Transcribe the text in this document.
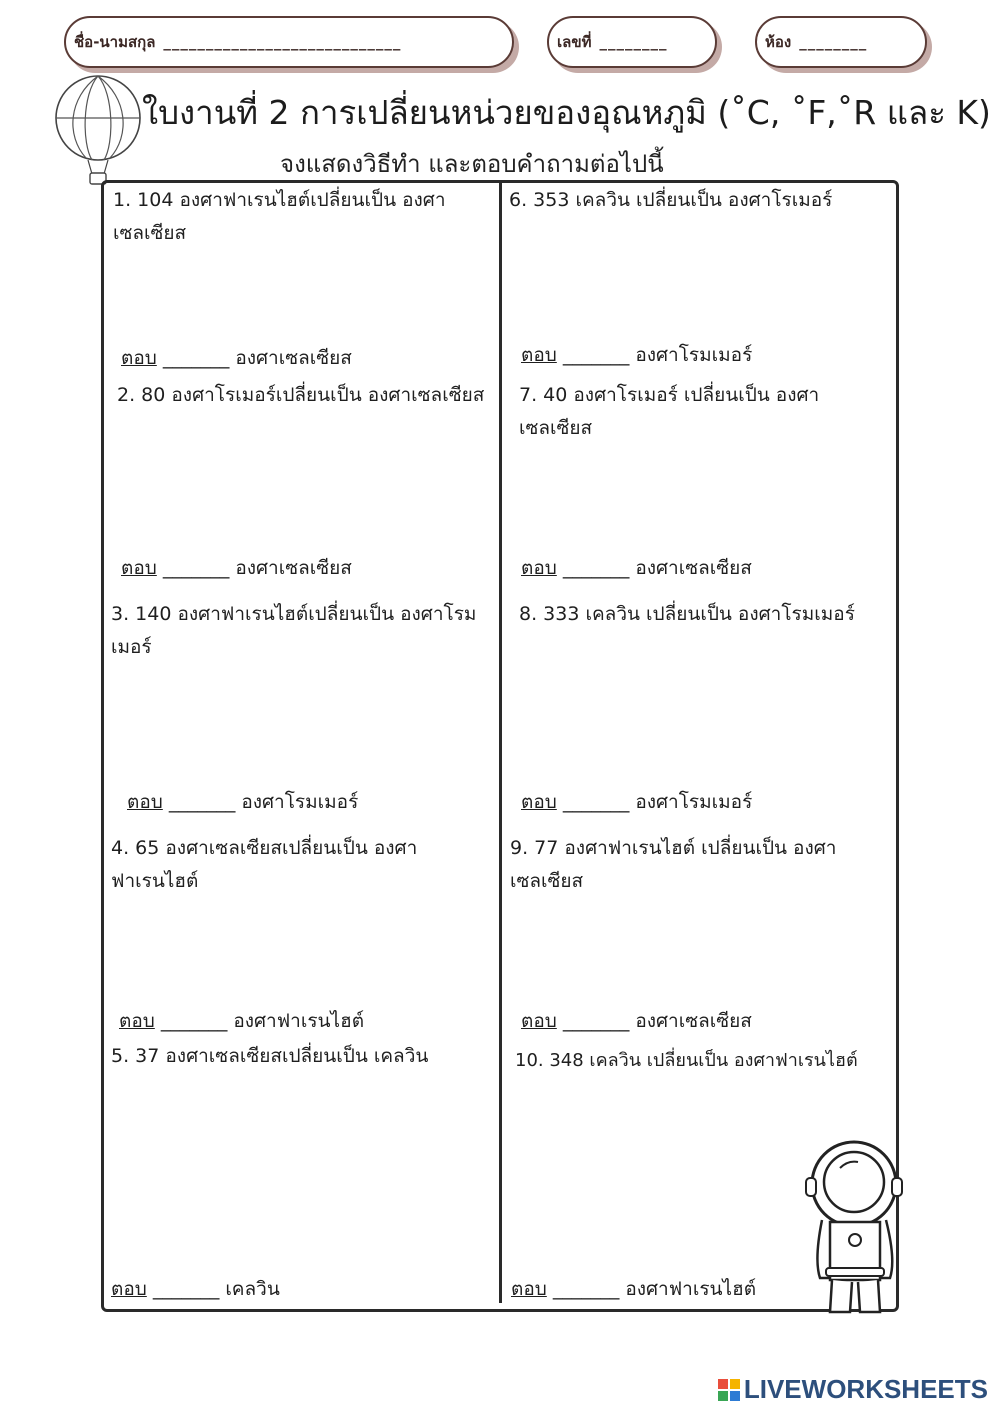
ชื่อ-นามสกุล ____________________________	เลขที่ ________	ห้อง ________
ใบงานที่ 2 การเปลี่ยนหน่วยของอุณหภูมิ (˚C, ˚F,˚R และ K)
จงแสดงวิธีทำ และตอบคำถามต่อไปนี้
1. 104 องศาฟาเรนไฮต์เปลี่ยนเป็น องศาเซลเซียส
ตอบ _______ องศาเซลเซียส
2. 80 องศาโรเมอร์เปลี่ยนเป็น องศาเซลเซียส
ตอบ _______ องศาเซลเซียส
3. 140 องศาฟาเรนไฮต์เปลี่ยนเป็น องศาโรมเมอร์
ตอบ _______ องศาโรมเมอร์
4. 65 องศาเซลเซียสเปลี่ยนเป็น องศาฟาเรนไฮต์
ตอบ _______ องศาฟาเรนไฮต์
5. 37 องศาเซลเซียสเปลี่ยนเป็น เคลวิน
ตอบ _______ เคลวิน
6. 353 เคลวิน เปลี่ยนเป็น องศาโรเมอร์
ตอบ _______ องศาโรมเมอร์
7. 40 องศาโรเมอร์ เปลี่ยนเป็น องศาเซลเซียส
ตอบ _______ องศาเซลเซียส
8. 333 เคลวิน เปลี่ยนเป็น องศาโรมเมอร์
ตอบ _______ องศาโรมเมอร์
9. 77 องศาฟาเรนไฮต์ เปลี่ยนเป็น องศาเซลเซียส
ตอบ _______ องศาเซลเซียส
10. 348 เคลวิน เปลี่ยนเป็น องศาฟาเรนไฮต์
ตอบ _______ องศาฟาเรนไฮต์
LIVEWORKSHEETS
